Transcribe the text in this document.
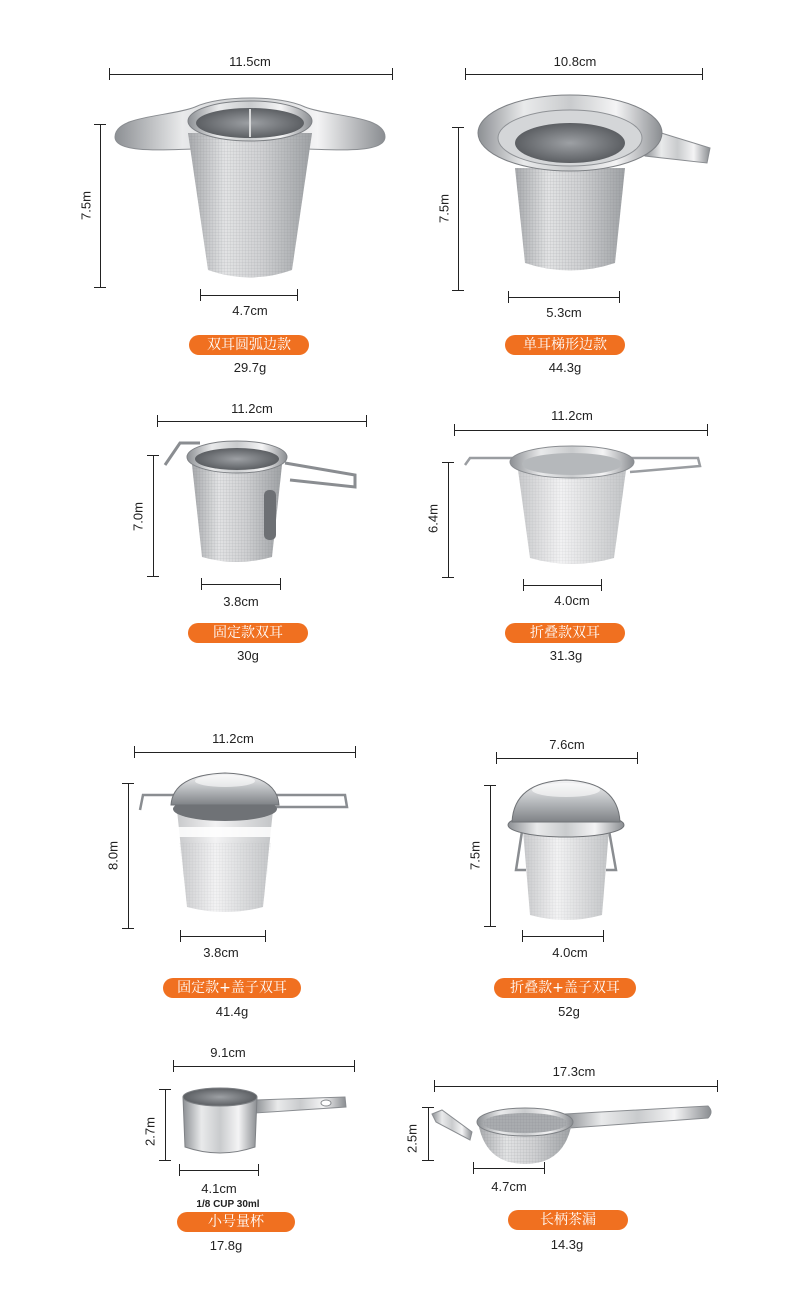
11.5cm
7.5m
4.7cm
双耳圆弧边款
29.7g
10.8cm
7.5m
5.3cm
单耳梯形边款
44.3g
11.2cm
7.0m
3.8cm
固定款双耳
30g
11.2cm
6.4m
4.0cm
折叠款双耳
31.3g
11.2cm
8.0m
3.8cm
固定款+盖子双耳
41.4g
7.6cm
7.5m
4.0cm
折叠款+盖子双耳
52g
9.1cm
2.7m
4.1cm
1/8 CUP 30ml
小号量杯
17.8g
17.3cm
2.5m
4.7cm
长柄茶漏
14.3g
